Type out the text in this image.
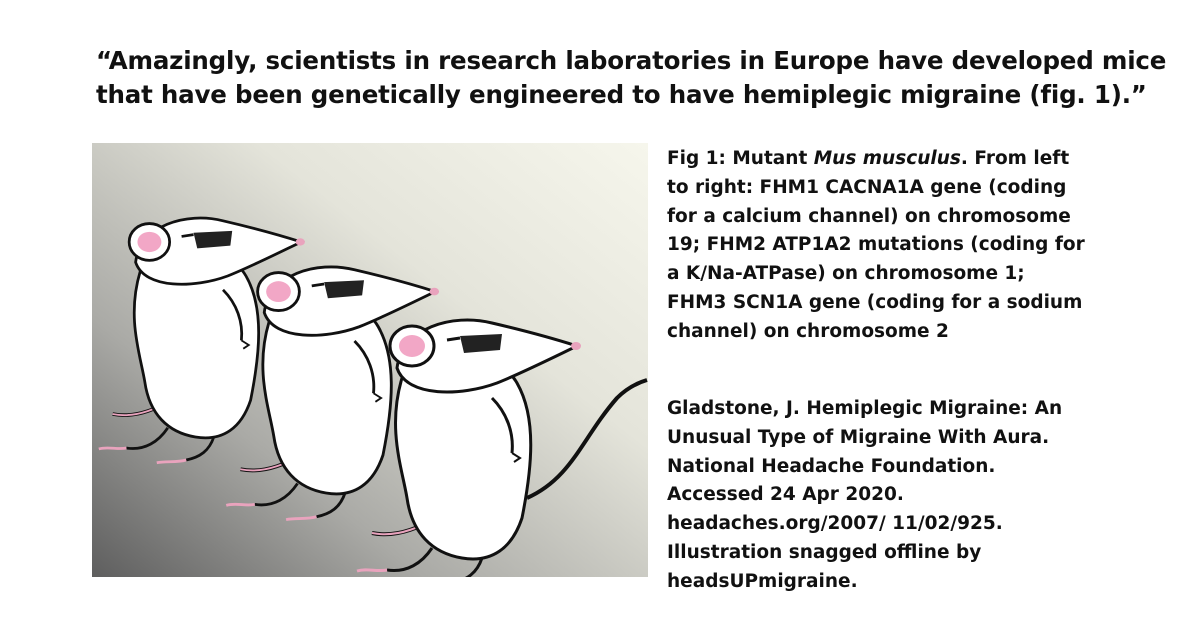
“Amazingly, scientists in research laboratories in Europe have developed mice that have been genetically engineered to have hemiplegic migraine (fig. 1).”

Fig 1: Mutant Mus musculus. From left to right: FHM1 CACNA1A gene (coding for a calcium channel) on chromosome 19; FHM2 ATP1A2 mutations (coding for a K/Na-ATPase) on chromosome 1; FHM3 SCN1A gene (coding for a sodium channel) on chromosome 2

Gladstone, J. Hemiplegic Migraine: An Unusual Type of Migraine With Aura. National Headache Foundation. Accessed 24 Apr 2020. headaches.org/2007/ 11/02/925. Illustration snagged offline by headsUPmigraine.
